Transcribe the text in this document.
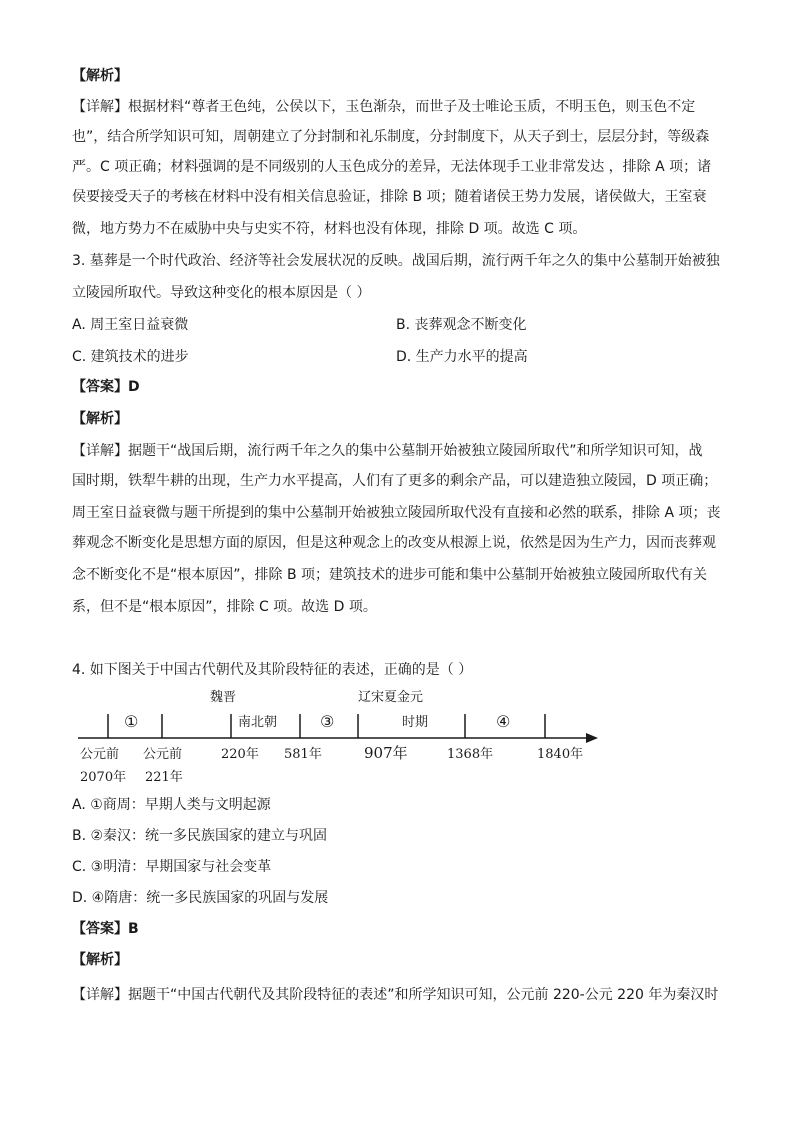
【解析】
【详解】根据材料“尊者王色纯，公侯以下，玉色渐杂，而世子及士唯论玉质，不明玉色，则玉色不定
也”，结合所学知识可知，周朝建立了分封制和礼乐制度，分封制度下，从天子到士，层层分封，等级森
严。C 项正确；材料强调的是不同级别的人玉色成分的差异，无法体现手工业非常发达 ，排除 A 项；诸
侯要接受天子的考核在材料中没有相关信息验证，排除 B 项；随着诸侯王势力发展，诸侯做大，王室衰
微，地方势力不在威胁中央与史实不符，材料也没有体现，排除 D 项。故选 C 项。
3. 墓葬是一个时代政治、经济等社会发展状况的反映。战国后期，流行两千年之久的集中公墓制开始被独
立陵园所取代。导致这种变化的根本原因是（ ）
A. 周王室日益衰微	B. 丧葬观念不断变化
C. 建筑技术的进步	D. 生产力水平的提高
【答案】D
【解析】
【详解】据题干“战国后期，流行两千年之久的集中公墓制开始被独立陵园所取代”和所学知识可知，战
国时期，铁犁牛耕的出现，生产力水平提高，人们有了更多的剩余产品，可以建造独立陵园，D 项正确；
周王室日益衰微与题干所提到的集中公墓制开始被独立陵园所取代没有直接和必然的联系，排除 A 项；丧
葬观念不断变化是思想方面的原因，但是这种观念上的改变从根源上说，依然是因为生产力，因而丧葬观
念不断变化不是“根本原因”，排除 B 项；建筑技术的进步可能和集中公墓制开始被独立陵园所取代有关
系，但不是“根本原因”，排除 C 项。故选 D 项。
4. 如下图关于中国古代朝代及其阶段特征的表述，正确的是（ ）
魏晋
南北朝
辽宋夏金元
时期
①	③	④
公元前 公元前	220年 581年	907年	1368年	1840年
2070年 221年
A. ①商周：早期人类与文明起源
B. ②秦汉：统一多民族国家的建立与巩固
C. ③明清：早期国家与社会变革
D. ④隋唐：统一多民族国家的巩固与发展
【答案】B
【解析】
【详解】据题干“中国古代朝代及其阶段特征的表述”和所学知识可知，公元前 220-公元 220 年为秦汉时
